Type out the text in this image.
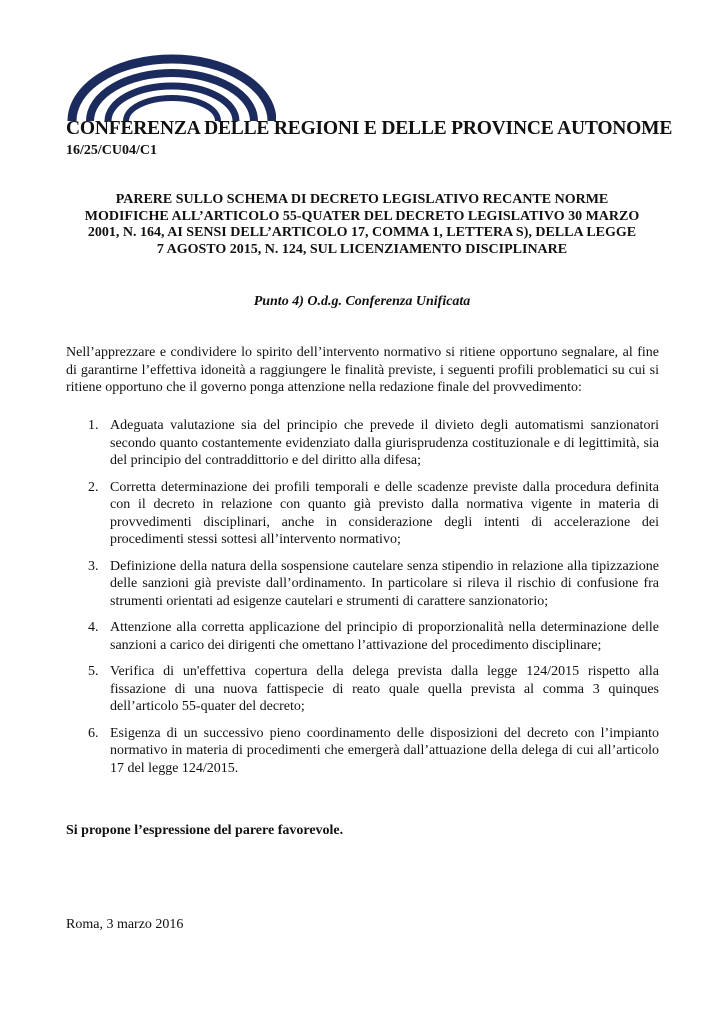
CONFERENZA DELLE REGIONI E DELLE PROVINCE AUTONOME
16/25/CU04/C1
PARERE SULLO SCHEMA DI DECRETO LEGISLATIVO RECANTE NORME
MODIFICHE ALL’ARTICOLO 55-QUATER DEL DECRETO LEGISLATIVO 30 MARZO
2001, N. 164, AI SENSI DELL’ARTICOLO 17, COMMA 1, LETTERA S), DELLA LEGGE
7 AGOSTO 2015, N. 124, SUL LICENZIAMENTO DISCIPLINARE
Punto 4) O.d.g. Conferenza Unificata

Nell’apprezzare e condividere lo spirito dell’intervento normativo si ritiene opportuno segnalare, al fine di garantirne l’effettiva idoneità a raggiungere le finalità previste, i seguenti profili problematici su cui si ritiene opportuno che il governo ponga attenzione nella redazione finale del provvedimento:

1. Adeguata valutazione sia del principio che prevede il divieto degli automatismi sanzionatori secondo quanto costantemente evidenziato dalla giurisprudenza costituzionale e di legittimità, sia del principio del contraddittorio e del diritto alla difesa;
2. Corretta determinazione dei profili temporali e delle scadenze previste dalla procedura definita con il decreto in relazione con quanto già previsto dalla normativa vigente in materia di provvedimenti disciplinari, anche in considerazione degli intenti di accelerazione dei procedimenti stessi sottesi all’intervento normativo;
3. Definizione della natura della sospensione cautelare senza stipendio in relazione alla tipizzazione delle sanzioni già previste dall’ordinamento. In particolare si rileva il rischio di confusione fra strumenti orientati ad esigenze cautelari e strumenti di carattere sanzionatorio;
4. Attenzione alla corretta applicazione del principio di proporzionalità nella determinazione delle sanzioni a carico dei dirigenti che omettano l’attivazione del procedimento disciplinare;
5. Verifica di un'effettiva copertura della delega prevista dalla legge 124/2015 rispetto alla fissazione di una nuova fattispecie di reato quale quella prevista al comma 3 quinques dell’articolo 55-quater del decreto;
6. Esigenza di un successivo pieno coordinamento delle disposizioni del decreto con l’impianto normativo in materia di procedimenti che emergerà dall’attuazione della delega di cui all’articolo 17 del legge 124/2015.
Si propone l’espressione del parere favorevole.
Roma, 3 marzo 2016
